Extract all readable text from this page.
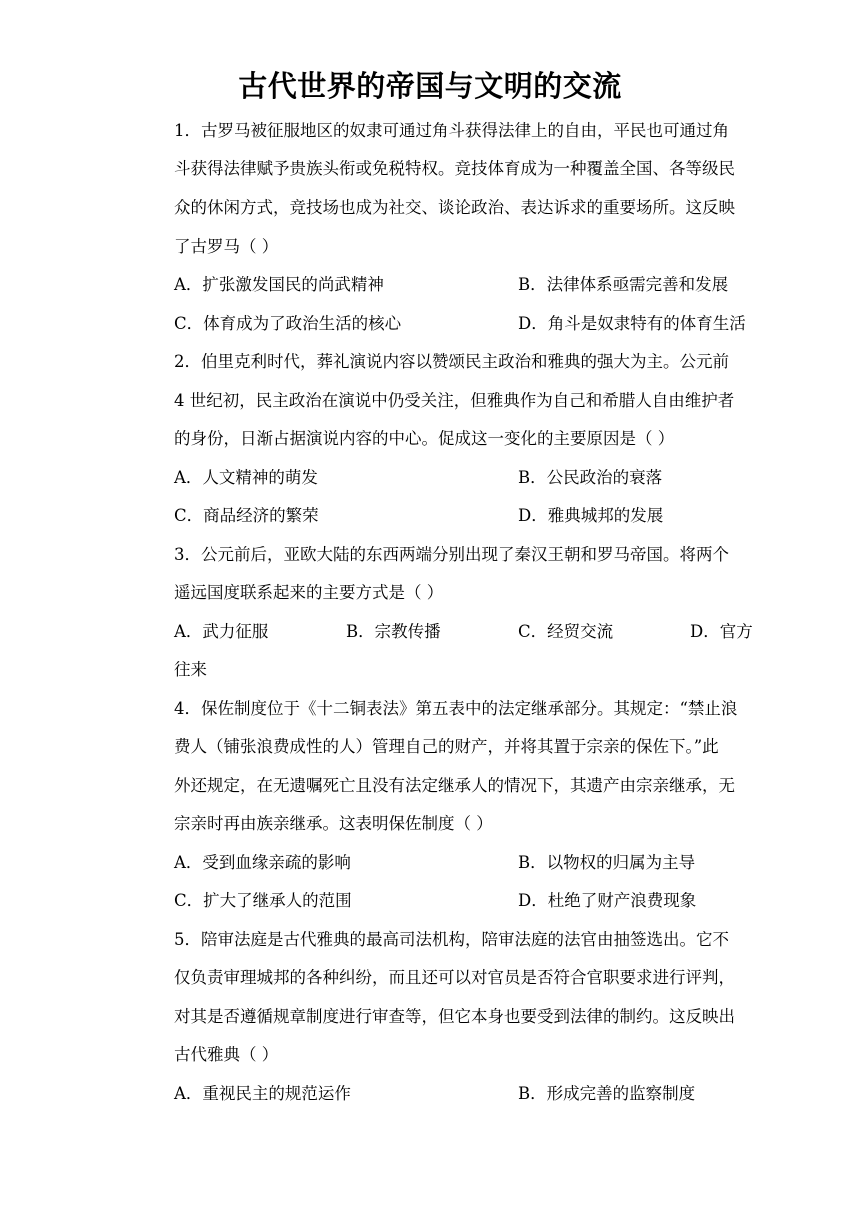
古代世界的帝国与文明的交流
1．古罗马被征服地区的奴隶可通过角斗获得法律上的自由，平民也可通过角
斗获得法律赋予贵族头衔或免税特权。竞技体育成为一种覆盖全国、各等级民
众的休闲方式，竞技场也成为社交、谈论政治、表达诉求的重要场所。这反映
了古罗马（ ）
A．扩张激发国民的尚武精神	B．法律体系亟需完善和发展
C．体育成为了政治生活的核心	D．角斗是奴隶特有的体育生活
2．伯里克利时代，葬礼演说内容以赞颂民主政治和雅典的强大为主。公元前
4 世纪初，民主政治在演说中仍受关注，但雅典作为自己和希腊人自由维护者
的身份，日渐占据演说内容的中心。促成这一变化的主要原因是（ ）
A．人文精神的萌发	B．公民政治的衰落
C．商品经济的繁荣	D．雅典城邦的发展
3．公元前后，亚欧大陆的东西两端分别出现了秦汉王朝和罗马帝国。将两个
遥远国度联系起来的主要方式是（ ）
A．武力征服	B．宗教传播	C．经贸交流	D．官方
往来
4．保佐制度位于《十二铜表法》第五表中的法定继承部分。其规定：“禁止浪
费人（铺张浪费成性的人）管理自己的财产，并将其置于宗亲的保佐下。”此
外还规定，在无遗嘱死亡且没有法定继承人的情况下，其遗产由宗亲继承，无
宗亲时再由族亲继承。这表明保佐制度（ ）
A．受到血缘亲疏的影响	B．以物权的归属为主导
C．扩大了继承人的范围	D．杜绝了财产浪费现象
5．陪审法庭是古代雅典的最高司法机构，陪审法庭的法官由抽签选出。它不
仅负责审理城邦的各种纠纷，而且还可以对官员是否符合官职要求进行评判，
对其是否遵循规章制度进行审查等，但它本身也要受到法律的制约。这反映出
古代雅典（ ）
A．重视民主的规范运作	B．形成完善的监察制度
